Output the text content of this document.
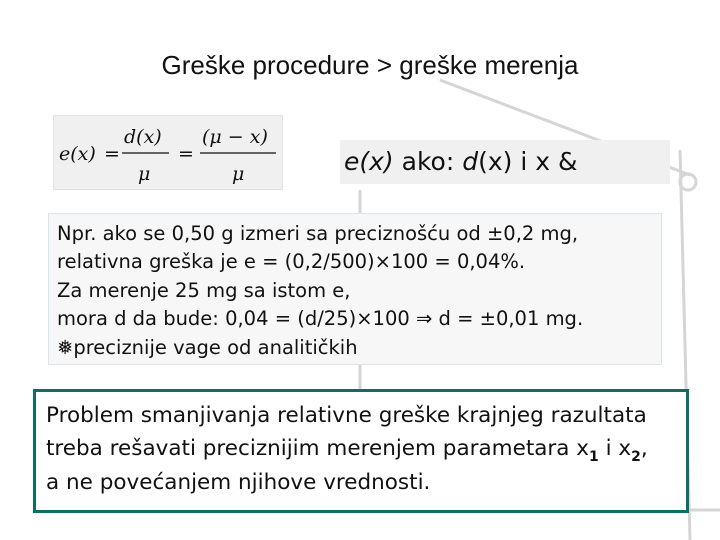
Greške procedure > greške merenja
e(x) =
d(x)
μ
=
(μ − x)
μ	e(x) ako: d(x) i x &
Npr. ako se 0,50 g izmeri sa preciznošću od ±0,2 mg,
relativna greška je e = (0,2/500)×100 = 0,04%.
Za merenje 25 mg sa istom e,
mora d da bude: 0,04 = (d/25)×100 ⇒ d = ±0,01 mg.
❅preciznije vage od analitičkih
Problem smanjivanja relativne greške krajnjeg razultata
treba rešavati preciznijim merenjem parametara $x_1$ i $x_2$,
a ne povećanjem njihove vrednosti.
